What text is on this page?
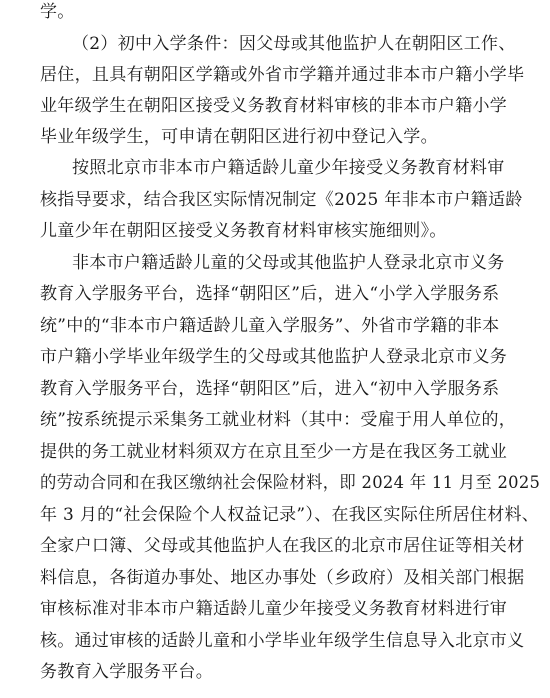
学。
（2）初中入学条件：因父母或其他监护人在朝阳区工作、
居住，且具有朝阳区学籍或外省市学籍并通过非本市户籍小学毕
业年级学生在朝阳区接受义务教育材料审核的非本市户籍小学
毕业年级学生，可申请在朝阳区进行初中登记入学。
按照北京市非本市户籍适龄儿童少年接受义务教育材料审
核指导要求，结合我区实际情况制定《2025 年非本市户籍适龄
儿童少年在朝阳区接受义务教育材料审核实施细则》。
非本市户籍适龄儿童的父母或其他监护人登录北京市义务
教育入学服务平台，选择“朝阳区”后，进入“小学入学服务系
统”中的“非本市户籍适龄儿童入学服务”、外省市学籍的非本
市户籍小学毕业年级学生的父母或其他监护人登录北京市义务
教育入学服务平台，选择“朝阳区”后，进入“初中入学服务系
统”按系统提示采集务工就业材料（其中：受雇于用人单位的，
提供的务工就业材料须双方在京且至少一方是在我区务工就业
的劳动合同和在我区缴纳社会保险材料，即 2024 年 11 月至 2025
年 3 月的“社会保险个人权益记录”）、在我区实际住所居住材料、
全家户口簿、父母或其他监护人在我区的北京市居住证等相关材
料信息，各街道办事处、地区办事处（乡政府）及相关部门根据
审核标准对非本市户籍适龄儿童少年接受义务教育材料进行审
核。通过审核的适龄儿童和小学毕业年级学生信息导入北京市义
务教育入学服务平台。
